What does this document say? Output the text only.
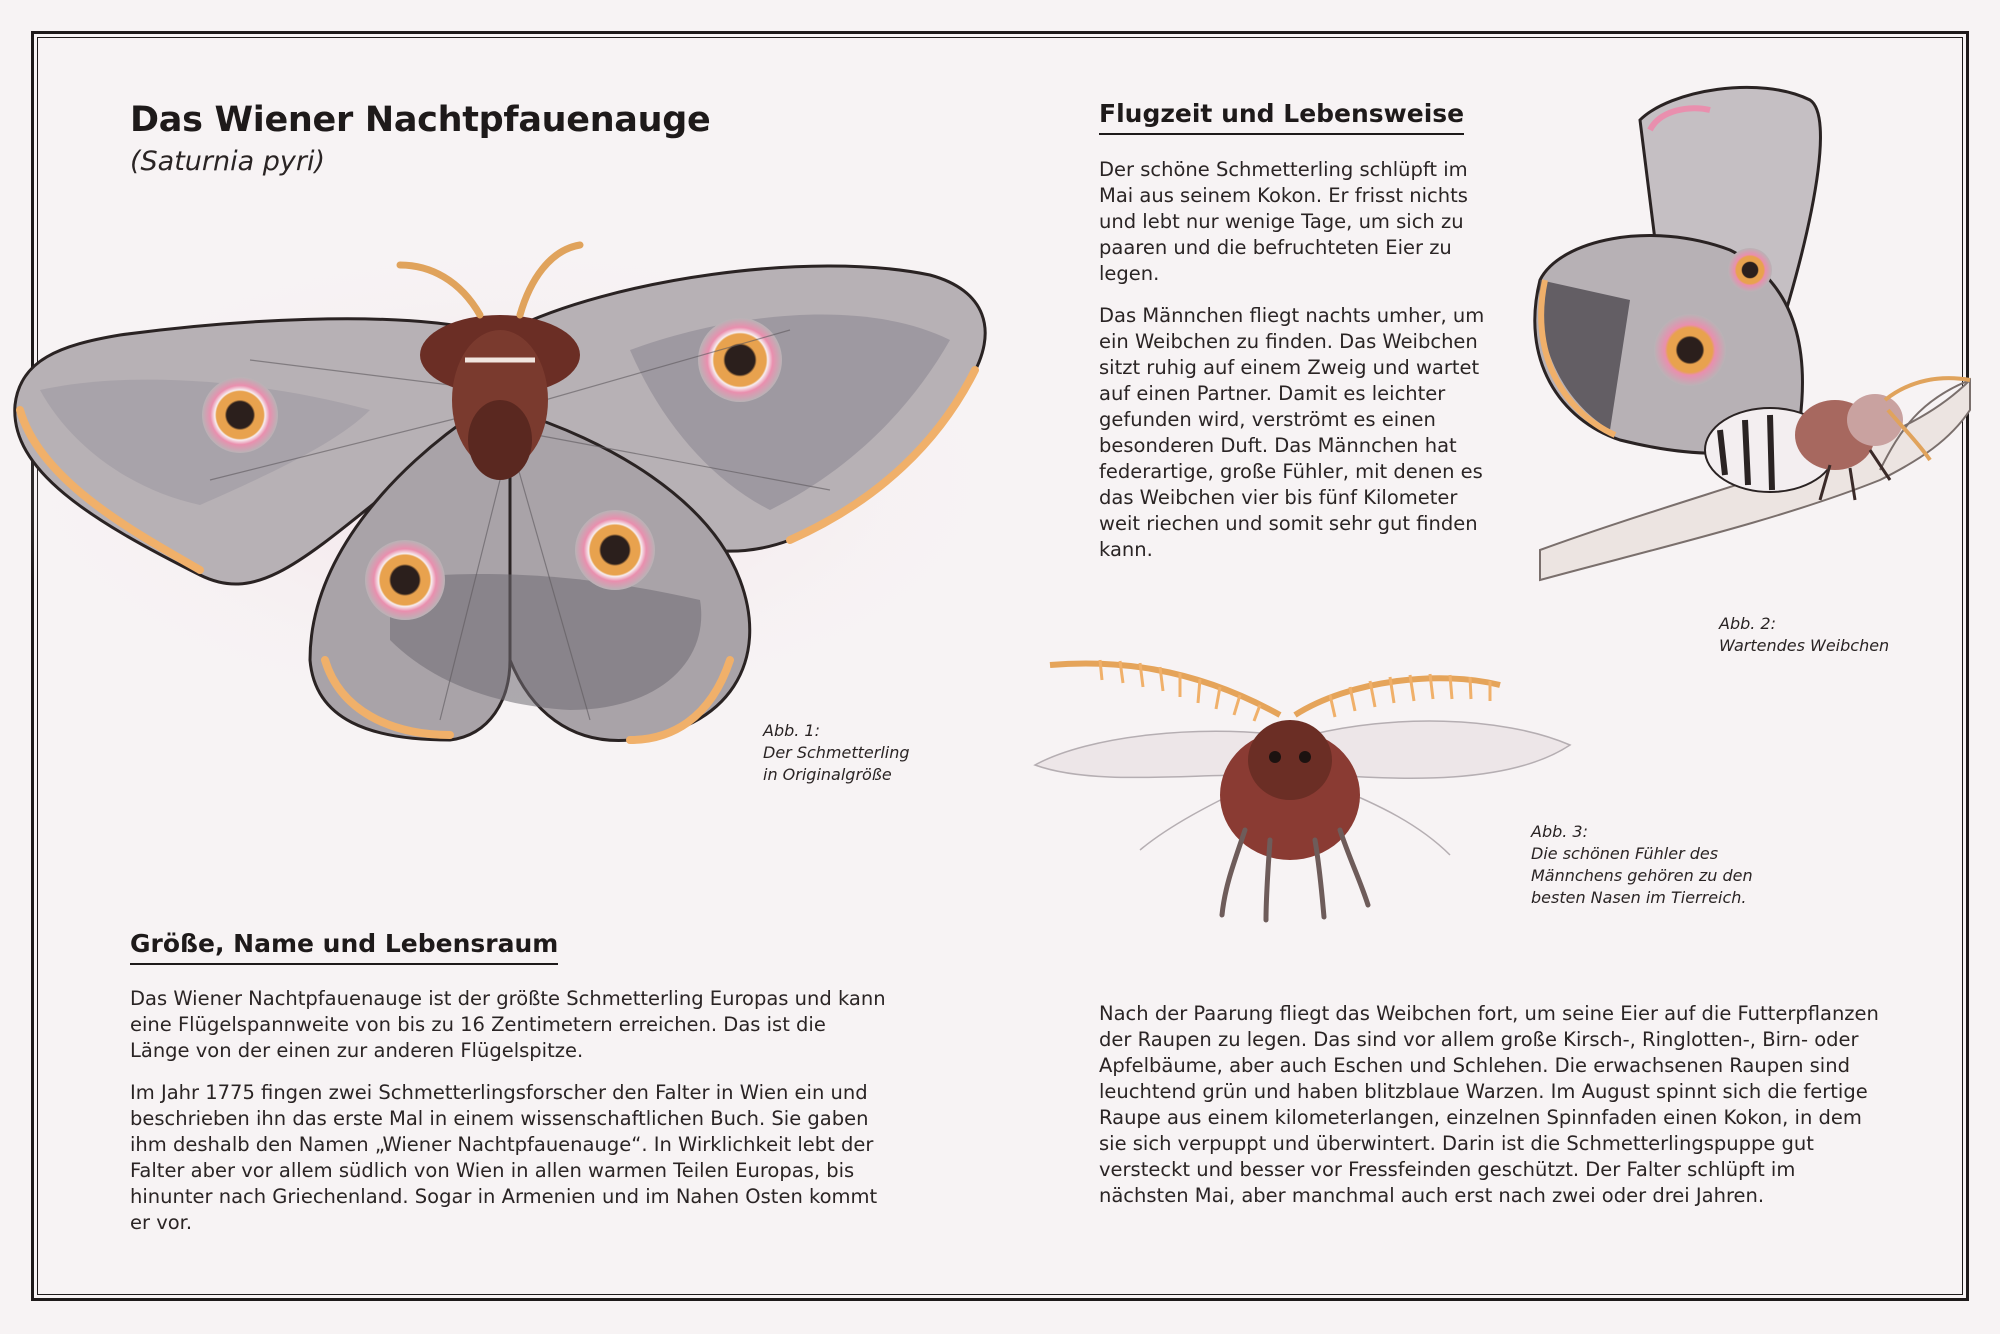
Das Wiener Nachtpfauenauge

(Saturnia pyri)

Abb. 1:
Der Schmetterling
in Originalgröße

Flugzeit und Lebensweise

Der schöne Schmetterling schlüpft im Mai aus seinem Kokon. Er frisst nichts und lebt nur wenige Tage, um sich zu paaren und die befruchteten Eier zu legen.

Das Männchen fliegt nachts umher, um ein Weibchen zu finden. Das Weibchen sitzt ruhig auf einem Zweig und wartet auf einen Partner. Damit es leichter gefunden wird, verströmt es einen besonderen Duft. Das Männchen hat federartige, große Fühler, mit denen es das Weibchen vier bis fünf Kilometer weit riechen und somit sehr gut finden kann.

Abb. 2:
Wartendes Weibchen

Abb. 3:
Die schönen Fühler des
Männchens gehören zu den
besten Nasen im Tierreich.

Größe, Name und Lebensraum

Das Wiener Nachtpfauenauge ist der größte Schmetterling Europas und kann eine Flügelspannweite von bis zu 16 Zentimetern erreichen. Das ist die Länge von der einen zur anderen Flügelspitze.

Im Jahr 1775 fingen zwei Schmetterlingsforscher den Falter in Wien ein und beschrieben ihn das erste Mal in einem wissenschaftlichen Buch. Sie gaben ihm deshalb den Namen „Wiener Nachtpfauenauge“. In Wirklichkeit lebt der Falter aber vor allem südlich von Wien in allen warmen Teilen Europas, bis hinunter nach Griechenland. Sogar in Armenien und im Nahen Osten kommt er vor.

Nach der Paarung fliegt das Weibchen fort, um seine Eier auf die Futterpflanzen der Raupen zu legen. Das sind vor allem große Kirsch-, Ringlotten-, Birn- oder Apfelbäume, aber auch Eschen und Schlehen. Die erwachsenen Raupen sind leuchtend grün und haben blitzblaue Warzen. Im August spinnt sich die fertige Raupe aus einem kilometerlangen, einzelnen Spinnfaden einen Kokon, in dem sie sich verpuppt und überwintert. Darin ist die Schmetterlingspuppe gut versteckt und besser vor Fressfeinden geschützt. Der Falter schlüpft im nächsten Mai, aber manchmal auch erst nach zwei oder drei Jahren.
